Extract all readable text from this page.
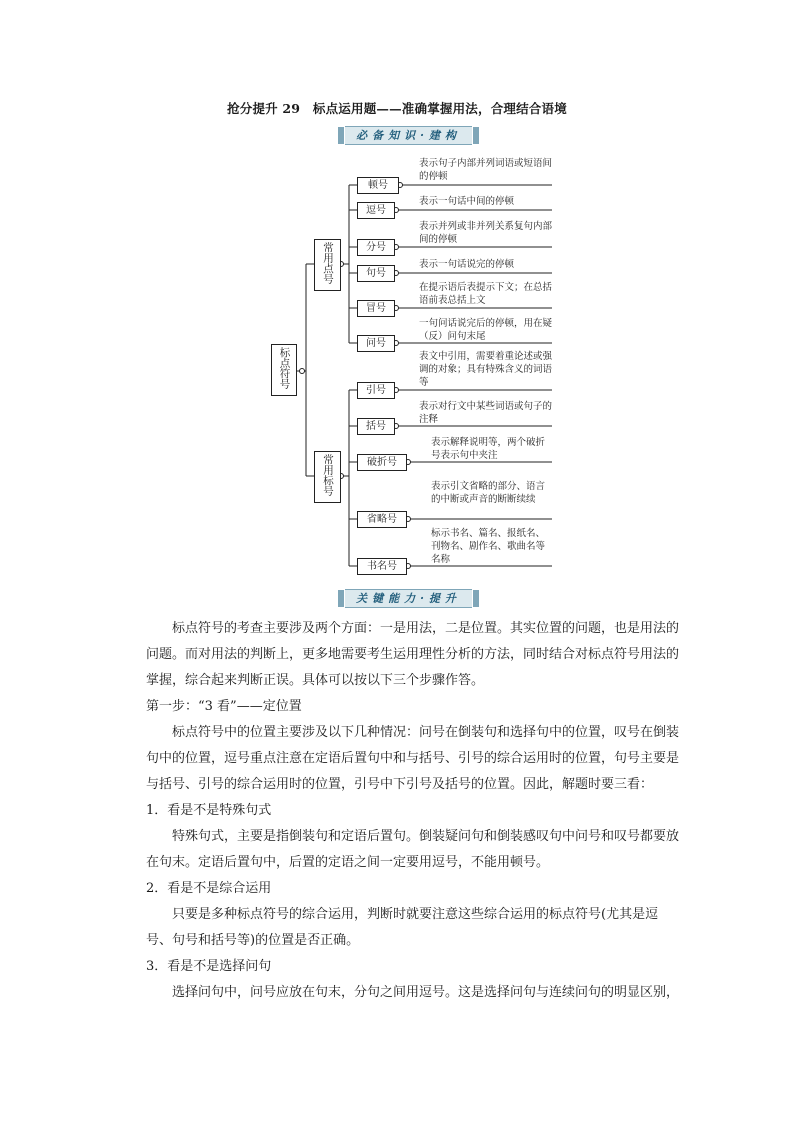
抢分提升 29　标点运用题——准确掌握用法，合理结合语境
必备知识·建构
标点符号
常用点号
常用标号
顿号
逗号
分号
句号
冒号
问号
引号
括号
破折号
省略号
书名号
表示句子内部并列词语或短语间的停顿
表示一句话中间的停顿
表示并列或非并列关系复句内部间的停顿
表示一句话说完的停顿
在提示语后表提示下文；在总括语前表总括上文
一句问话说完后的停顿，用在疑（反）问句末尾
表文中引用，需要着重论述或强调的对象；具有特殊含义的词语等
表示对行文中某些词语或句子的注释
表示解释说明等，两个破折号表示句中夹注
表示引文省略的部分、语言的中断或声音的断断续续
标示书名、篇名、报纸名、刊物名、剧作名、歌曲名等名称
关键能力·提升

标点符号的考查主要涉及两个方面：一是用法，二是位置。其实位置的问题，也是用法的问题。而对用法的判断上，更多地需要考生运用理性分析的方法，同时结合对标点符号用法的掌握，综合起来判断正误。具体可以按以下三个步骤作答。

第一步：“3 看”——定位置

标点符号中的位置主要涉及以下几种情况：问号在倒装句和选择句中的位置，叹号在倒装句中的位置，逗号重点注意在定语后置句中和与括号、引号的综合运用时的位置，句号主要是与括号、引号的综合运用时的位置，引号中下引号及括号的位置。因此，解题时要三看：

1．看是不是特殊句式

特殊句式，主要是指倒装句和定语后置句。倒装疑问句和倒装感叹句中问号和叹号都要放在句末。定语后置句中，后置的定语之间一定要用逗号，不能用顿号。

2．看是不是综合运用

只要是多种标点符号的综合运用，判断时就要注意这些综合运用的标点符号(尤其是逗号、句号和括号等)的位置是否正确。

3．看是不是选择问句

选择问句中，问号应放在句末，分句之间用逗号。这是选择问句与连续问句的明显区别，
